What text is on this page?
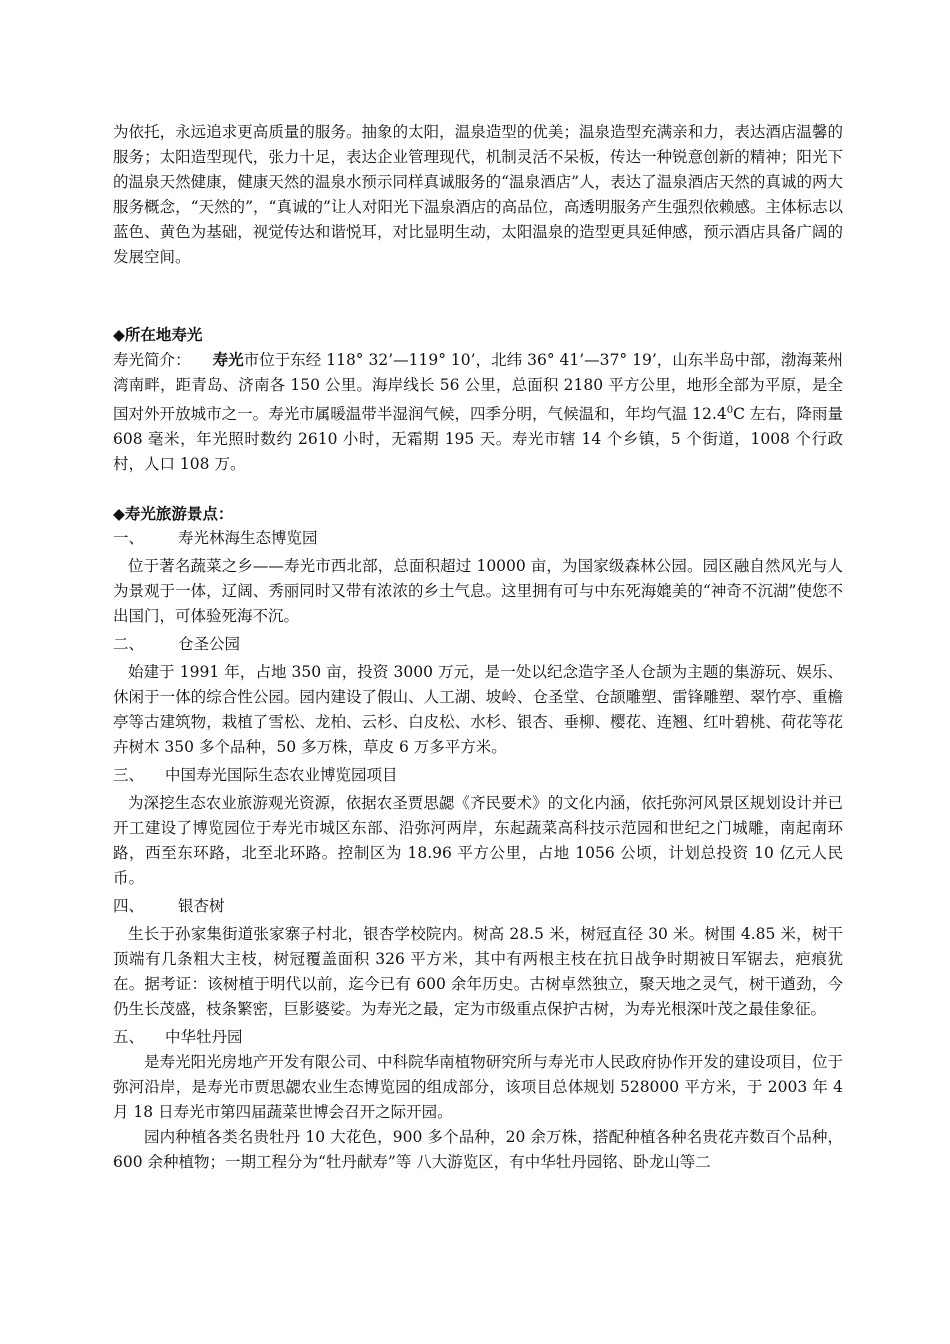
为依托，永远追求更高质量的服务。抽象的太阳，温泉造型的优美；温泉造型充满亲和力，表达酒店温馨的服务；太阳造型现代，张力十足，表达企业管理现代，机制灵活不呆板，传达一种锐意创新的精神；阳光下的温泉天然健康，健康天然的温泉水预示同样真诚服务的“温泉酒店”人，表达了温泉酒店天然的真诚的两大服务概念，“天然的”，“真诚的”让人对阳光下温泉酒店的高品位，高透明服务产生强烈依赖感。主体标志以蓝色、黄色为基础，视觉传达和谐悦耳，对比显明生动，太阳温泉的造型更具延伸感，预示酒店具备广阔的发展空间。

◆所在地寿光

寿光简介： 寿光市位于东经 118° 32’—119° 10’，北纬 36° 41’—37° 19’，山东半岛中部，渤海莱州湾南畔，距青岛、济南各 150 公里。海岸线长 56 公里，总面积 2180 平方公里，地形全部为平原，是全国对外开放城市之一。寿光市属暖温带半湿润气候，四季分明，气候温和，年均气温 12.4$^0$C 左右，降雨量 608 毫米，年光照时数约 2610 小时，无霜期 195 天。寿光市辖 14 个乡镇，5 个街道，1008 个行政村，人口 108 万。

◆寿光旅游景点：

一、	寿光林海生态博览园

位于著名蔬菜之乡——寿光市西北部，总面积超过 10000 亩，为国家级森林公园。园区融自然风光与人为景观于一体，辽阔、秀丽同时又带有浓浓的乡土气息。这里拥有可与中东死海媲美的“神奇不沉湖”使您不出国门，可体验死海不沉。

二、	仓圣公园

始建于 1991 年，占地 350 亩，投资 3000 万元，是一处以纪念造字圣人仓颉为主题的集游玩、娱乐、休闲于一体的综合性公园。园内建设了假山、人工湖、坡岭、仓圣堂、仓颉雕塑、雷锋雕塑、翠竹亭、重檐亭等古建筑物，栽植了雪松、龙柏、云杉、白皮松、水杉、银杏、垂柳、樱花、连翘、红叶碧桃、荷花等花卉树木 350 多个品种，50 多万株，草皮 6 万多平方米。

三、	中国寿光国际生态农业博览园项目

为深挖生态农业旅游观光资源，依据农圣贾思勰《齐民要术》的文化内涵，依托弥河风景区规划设计并已开工建设了博览园位于寿光市城区东部、沿弥河两岸，东起蔬菜高科技示范园和世纪之门城雕，南起南环路，西至东环路，北至北环路。控制区为 18.96 平方公里，占地 1056 公顷，计划总投资 10 亿元人民币。

四、	银杏树

生长于孙家集街道张家寨子村北，银杏学校院内。树高 28.5 米，树冠直径 30 米。树围 4.85 米，树干顶端有几条粗大主枝，树冠覆盖面积 326 平方米，其中有两根主枝在抗日战争时期被日军锯去，疤痕犹在。据考证：该树植于明代以前，迄今已有 600 余年历史。古树卓然独立，聚天地之灵气，树干遒劲，今仍生长茂盛，枝条繁密，巨影婆娑。为寿光之最，定为市级重点保护古树，为寿光根深叶茂之最佳象征。

五、	中华牡丹园

是寿光阳光房地产开发有限公司、中科院华南植物研究所与寿光市人民政府协作开发的建设项目，位于弥河沿岸，是寿光市贾思勰农业生态博览园的组成部分，该项目总体规划 528000 平方米，于 2003 年 4 月 18 日寿光市第四届蔬菜世博会召开之际开园。

园内种植各类名贵牡丹 10 大花色，900 多个品种，20 余万株，搭配种植各种名贵花卉数百个品种，600 余种植物；一期工程分为“牡丹献寿”等 八大游览区，有中华牡丹园铭、卧龙山等二
